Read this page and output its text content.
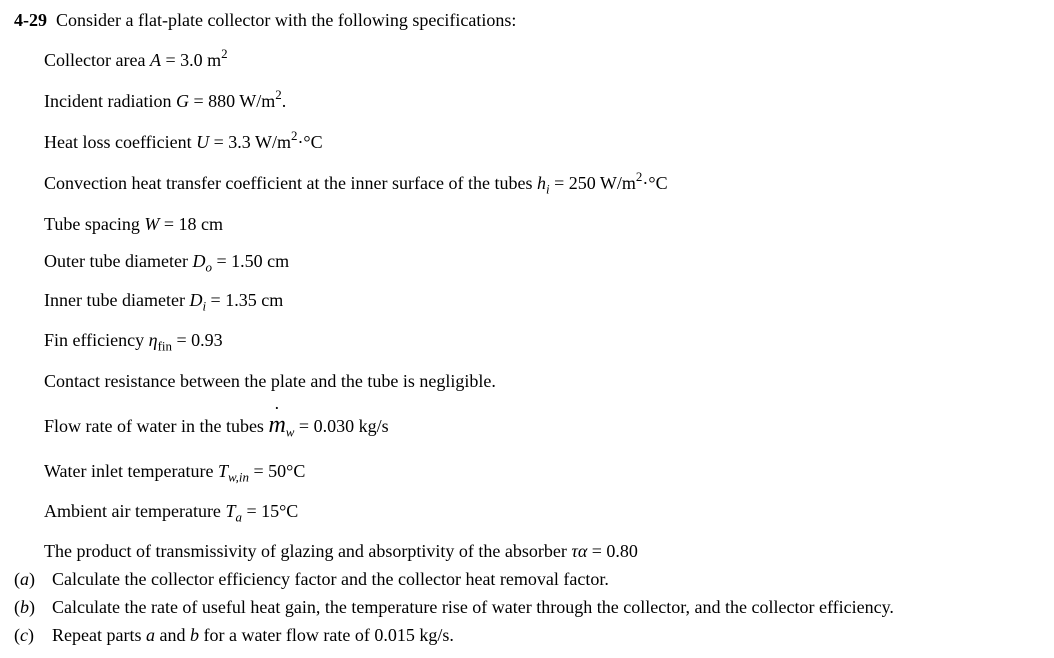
4-29 Consider a flat-plate collector with the following specifications:
Collector area A = 3.0 $m^2$
Incident radiation G = 880 $W/m^2$.
Heat loss coefficient U = 3.3 $W/m^2\cdot^\circ C$
Convection heat transfer coefficient at the inner surface of the tubes $h_i = 250$ $W/m^2\cdot^\circ C$
Tube spacing W = 18 cm
Outer tube diameter $D_o = 1.50$ cm
Inner tube diameter $D_i = 1.35$ cm
Fin efficiency $\eta_{fin} = 0.93$
Contact resistance between the plate and the tube is negligible.
Flow rate of water in the tubes m $˙_w = 0.030$ kg/s
Water inlet temperature $T_{w,in} = 50^\circ C$
Ambient air temperature $T_a = 15^\circ C$
The product of transmissivity of glazing and absorptivity of the absorber τα = 0.80
(a) Calculate the collector efficiency factor and the collector heat removal factor.
(b) Calculate the rate of useful heat gain, the temperature rise of water through the collector, and the collector efficiency.
(c) Repeat parts a and b for a water flow rate of 0.015 kg/s.
